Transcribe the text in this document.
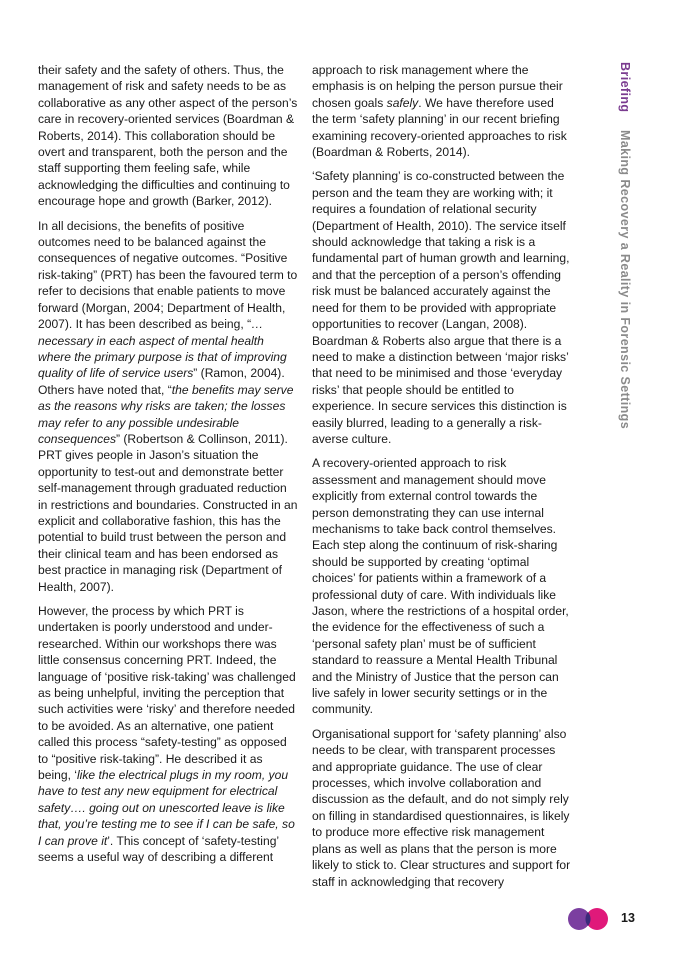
their safety and the safety of others. Thus, the management of risk and safety needs to be as collaborative as any other aspect of the person’s care in recovery-oriented services (Boardman & Roberts, 2014). This collaboration should be overt and transparent, both the person and the staff supporting them feeling safe, while acknowledging the difficulties and continuing to encourage hope and growth (Barker, 2012).

In all decisions, the benefits of positive outcomes need to be balanced against the consequences of negative outcomes. “Positive risk-taking” (PRT) has been the favoured term to refer to decisions that enable patients to move forward (Morgan, 2004; Department of Health, 2007). It has been described as being, “… necessary in each aspect of mental health where the primary purpose is that of improving quality of life of service users” (Ramon, 2004). Others have noted that, “the benefits may serve as the reasons why risks are taken; the losses may refer to any possible undesirable consequences” (Robertson & Collinson, 2011). PRT gives people in Jason’s situation the opportunity to test-out and demonstrate better self-management through graduated reduction in restrictions and boundaries. Constructed in an explicit and collaborative fashion, this has the potential to build trust between the person and their clinical team and has been endorsed as best practice in managing risk (Department of Health, 2007).

However, the process by which PRT is undertaken is poorly understood and under-researched. Within our workshops there was little consensus concerning PRT. Indeed, the language of ‘positive risk-taking’ was challenged as being unhelpful, inviting the perception that such activities were ‘risky’ and therefore needed to be avoided. As an alternative, one patient called this process “safety-testing” as opposed to “positive risk-taking”. He described it as being, ‘like the electrical plugs in my room, you have to test any new equipment for electrical safety…. going out on unescorted leave is like that, you’re testing me to see if I can be safe, so I can prove it’. This concept of ‘safety-testing’ seems a useful way of describing a different

approach to risk management where the emphasis is on helping the person pursue their chosen goals safely. We have therefore used the term ‘safety planning’ in our recent briefing examining recovery-oriented approaches to risk (Boardman & Roberts, 2014).

‘Safety planning’ is co-constructed between the person and the team they are working with; it requires a foundation of relational security (Department of Health, 2010). The service itself should acknowledge that taking a risk is a fundamental part of human growth and learning, and that the perception of a person’s offending risk must be balanced accurately against the need for them to be provided with appropriate opportunities to recover (Langan, 2008). Boardman & Roberts also argue that there is a need to make a distinction between ‘major risks’ that need to be minimised and those ‘everyday risks’ that people should be entitled to experience. In secure services this distinction is easily blurred, leading to a generally a risk-averse culture.

A recovery-oriented approach to risk assessment and management should move explicitly from external control towards the person demonstrating they can use internal mechanisms to take back control themselves. Each step along the continuum of risk-sharing should be supported by creating ‘optimal choices’ for patients within a framework of a professional duty of care. With individuals like Jason, where the restrictions of a hospital order, the evidence for the effectiveness of such a ‘personal safety plan’ must be of sufficient standard to reassure a Mental Health Tribunal and the Ministry of Justice that the person can live safely in lower security settings or in the community.

Organisational support for ‘safety planning’ also needs to be clear, with transparent processes and appropriate guidance. The use of clear processes, which involve collaboration and discussion as the default, and do not simply rely on filling in standardised questionnaires, is likely to produce more effective risk management plans as well as plans that the person is more likely to stick to. Clear structures and support for staff in acknowledging that recovery

Briefing Making Recovery a Reality in Forensic Settings
13
